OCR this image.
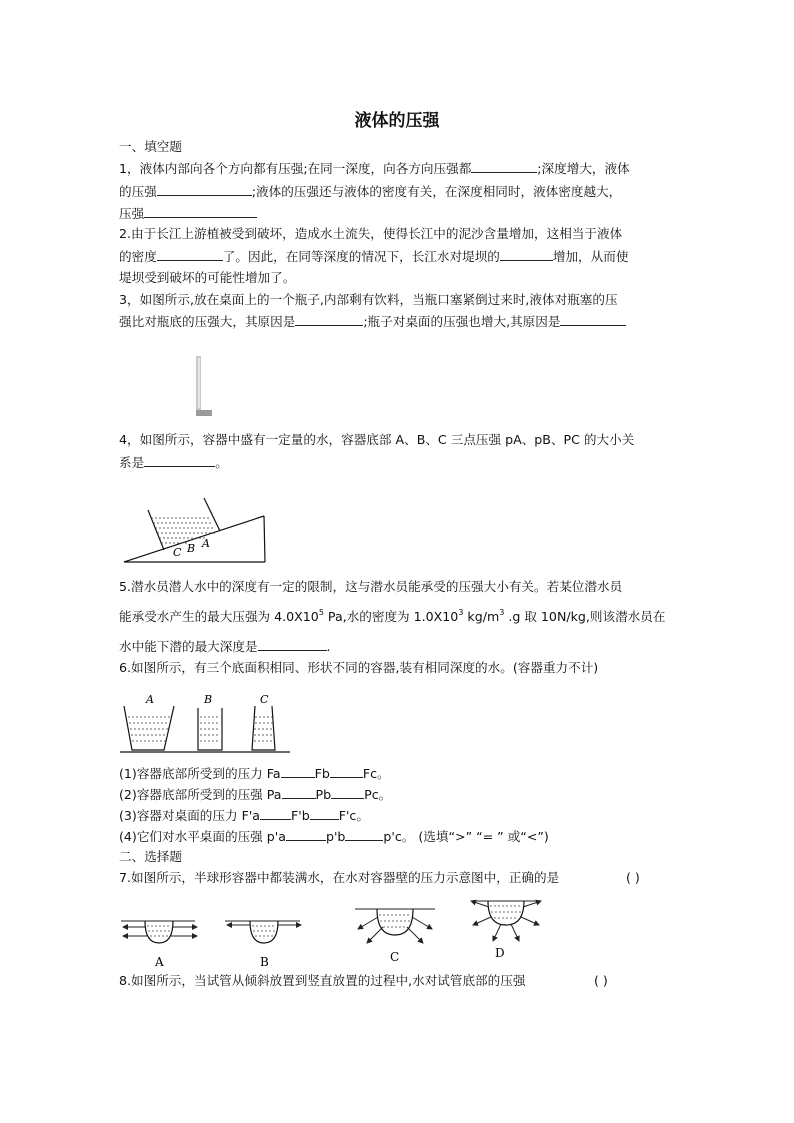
液体的压强
一、填空题
1，液体内部向各个方向都有压强;在同一深度，向各方向压强都	;深度增大，液体
的压强	;液体的压强还与液体的密度有关，在深度相同时，液体密度越大，
压强
2.由于长江上游植被受到破坏，造成水土流失，使得长江中的泥沙含量增加，这相当于液体
的密度	了。因此，在同等深度的情况下，长江水对堤坝的	增加，从而使
堤坝受到破坏的可能性增加了。
3，如图所示,放在桌面上的一个瓶子,内部剩有饮料，当瓶口塞紧倒过来时,液体对瓶塞的压
强比对瓶底的压强大，其原因是	;瓶子对桌面的压强也增大,其原因是
4，如图所示，容器中盛有一定量的水，容器底部 A、B、C 三点压强 pA、pB、PC 的大小关
系是	。
C B A
5.潜水员潜人水中的深度有一定的限制，这与潜水员能承受的压强大小有关。若某位潜水员
能承受水产生的最大压强为 $4.0X10^5$ Pa,水的密度为 $1.0X10^3$ $kg/m^3$ .g 取 10N/kg,则该潜水员在
水中能下潜的最大深度是	.
6.如图所示，有三个底面积相同、形状不同的容器,装有相同深度的水。(容器重力不计)
A	B	C
(1)容器底部所受到的压力 Fa	Fb	Fc。
(2)容器底部所受到的压强 Pa	Pb	Pc。
(3)容器对桌面的压力 F'a F'b F'c。
(4)它们对水平桌面的压强 p'a	p'b	p'c。 (选填“>” “= ” 或“<”)
二、选择题
7.如图所示，半球形容器中都装满水，在水对容器壁的压力示意图中，正确的是	( )
A	B	C	D
8.如图所示，当试管从倾斜放置到竖直放置的过程中,水对试管底部的压强	( )
